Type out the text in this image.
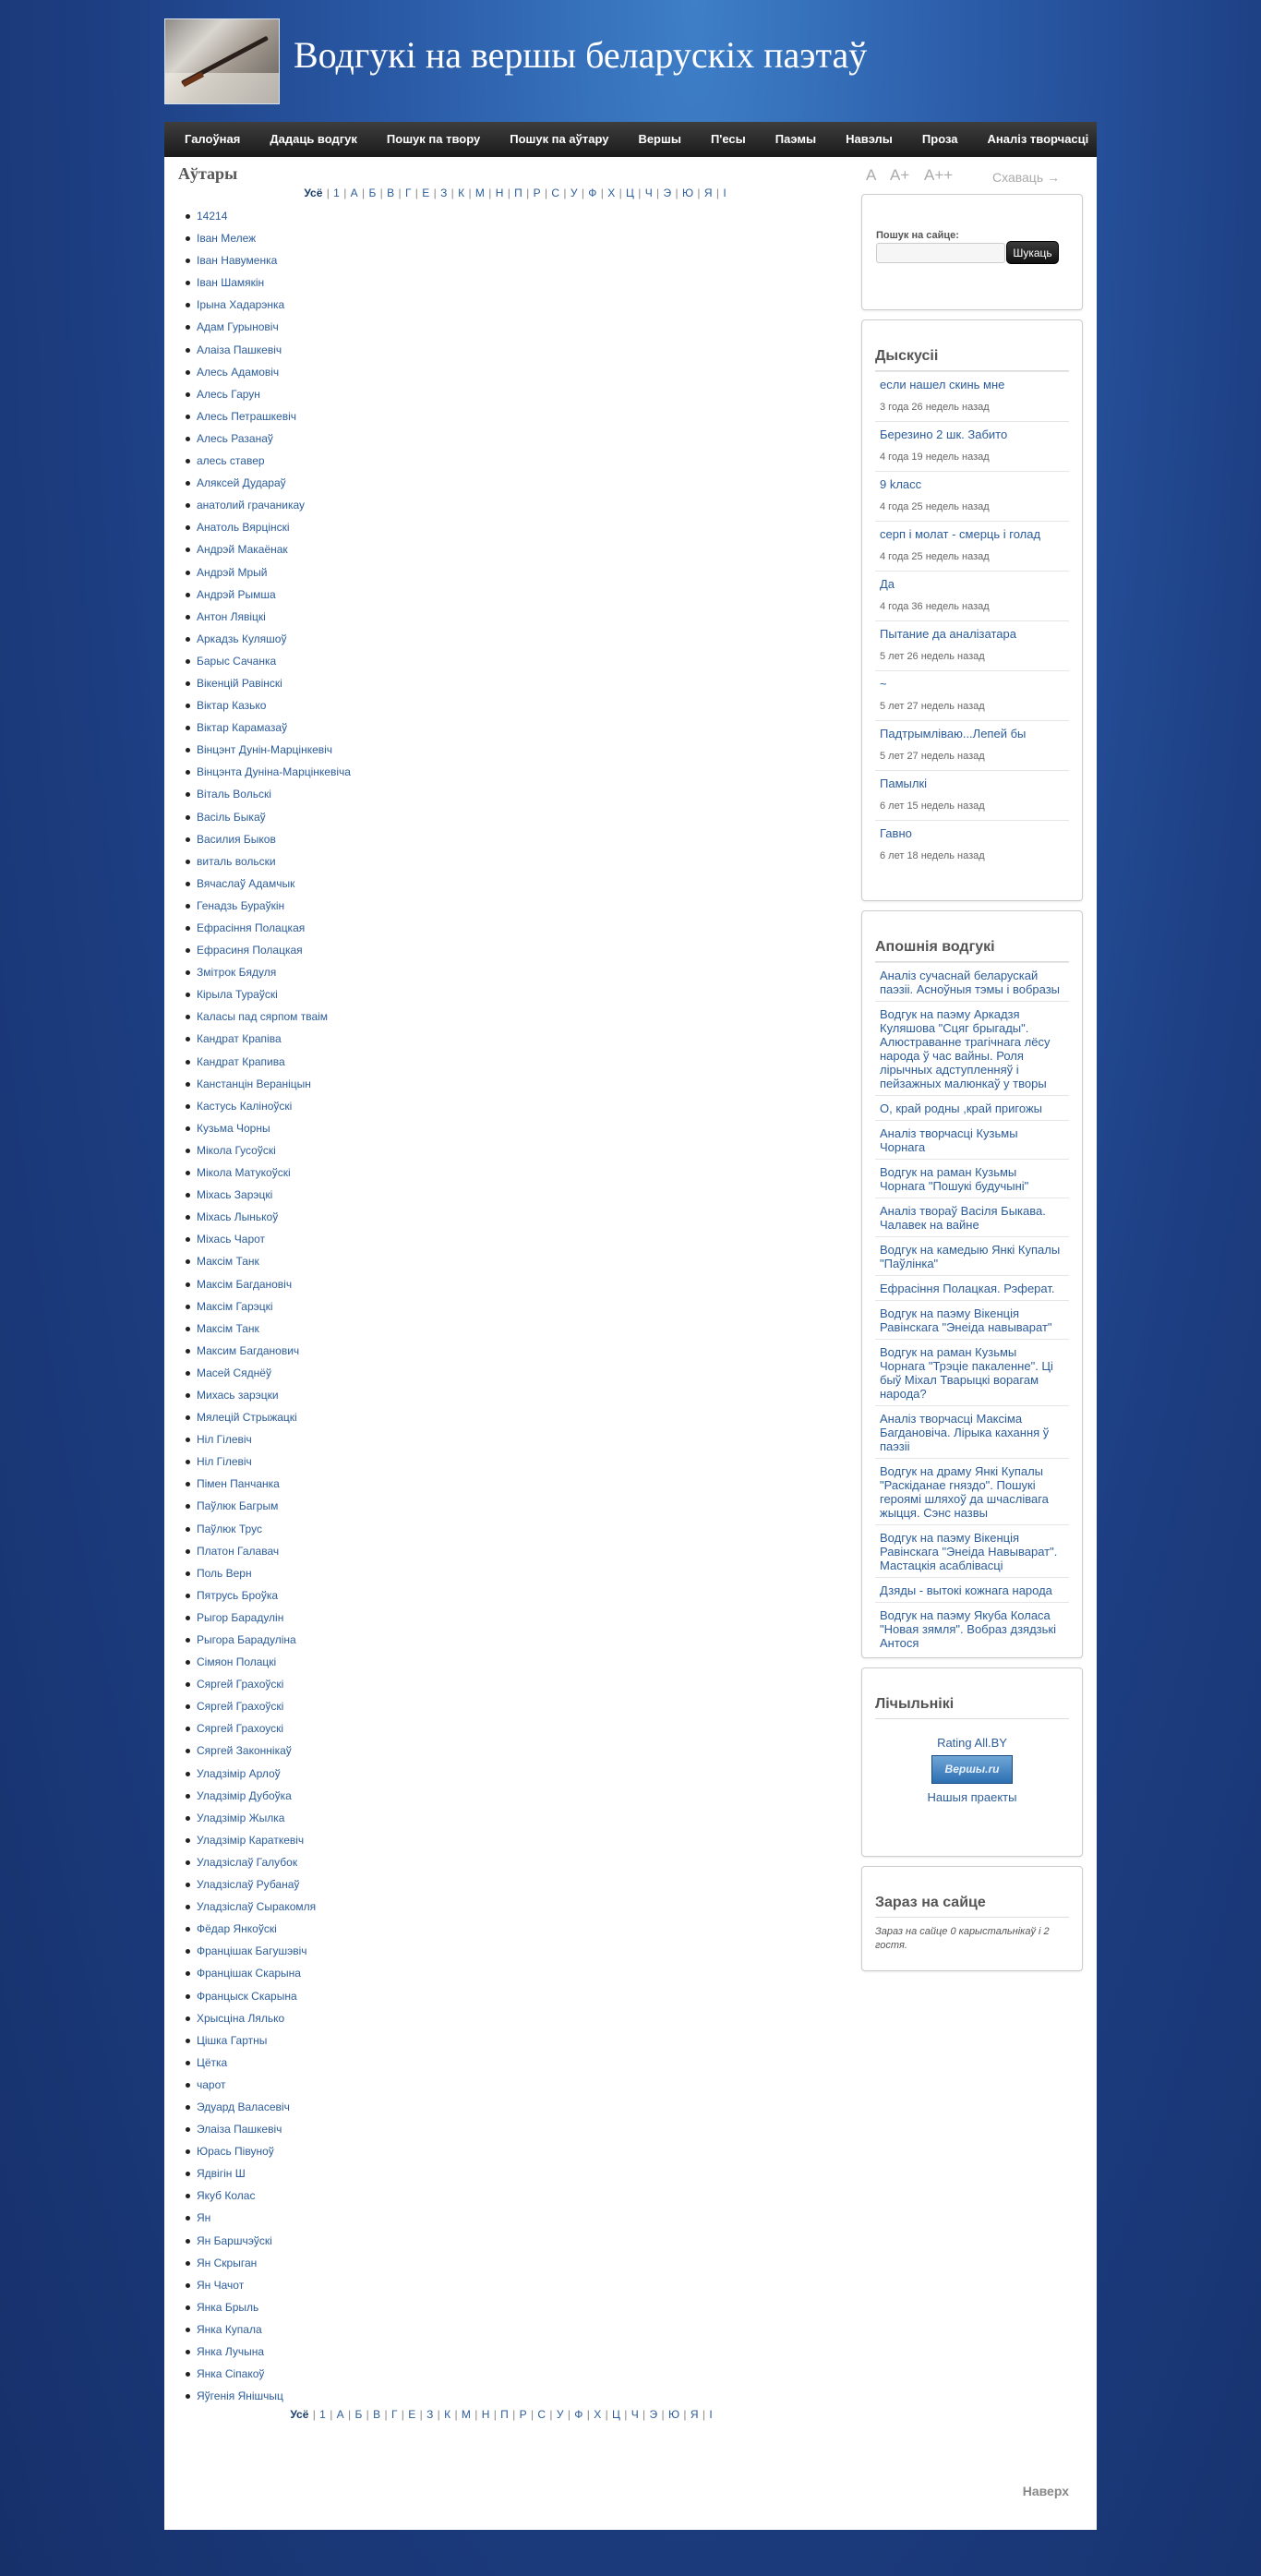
Водгукі на вершы беларускіх паэтаў
Галоўная	Дадаць водгук	Пошук па твору	Пошук па аўтару	Вершы	П'есы	Паэмы	Навэлы	Проза	Аналіз творчасці
Аўтары
Усё | 1 | А | Б | В | Г | Е | З | К | М | Н | П | Р | С | У | Ф | Х | Ц | Ч | Э | Ю | Я | І
14214
Іван Мележ
Іван Навуменка
Іван Шамякін
Ірына Хадарэнка
Адам Гурыновіч
Алаіза Пашкевіч
Алесь Адамовіч
Алесь Гарун
Алесь Петрашкевіч
Алесь Разанаў
алесь ставер
Аляксей Дударaў
анатолий грачаникау
Анатоль Вярцінскі
Андрэй Макаёнак
Андрэй Мрый
Андрэй Рымша
Антон Лявіцкі
Аркадзь Куляшоў
Барыс Сачанка
Вікенцій Равінскі
Віктар Казько
Віктар Карамазаў
Вінцэнт Дунін-Марцінкевіч
Вінцэнта Дуніна-Марцінкевіча
Віталь Вольскі
Васіль Быкаў
Василия Быков
виталь вольски
Вячаслаў Адамчык
Генадзь Бураўкін
Ефрасіння Полацкая
Ефрасиня Полацкая
Змітрок Бядуля
Кірыла Тураўскі
Каласы пад сярпом тваім
Кандрат Крапіва
Кандрат Крапива
Канстанцін Вераніцын
Кастусь Каліноўскі
Кузьма Чорны
Мікола Гусоўскі
Мікола Матукоўскі
Міхась Зарэцкі
Міхась Лынькоў
Міхась Чарот
Максім Танк
Максім Багдановіч
Максім Гарэцкі
Максім Танк
Максим Багданович
Масей Сяднёў
Михась зарэцки
Мялецій Стрыжацкі
Ніл Гілевіч
Нiл Гiлевiч
Пімен Панчанка
Паўлюк Багрым
Паўлюк Трус
Платон Галавач
Поль Верн
Пятрусь Броўка
Рыгор Барадулін
Рыгора Барадуліна
Сімяон Полацкі
Сяргей Грахоўскі
Сяргей Грахоўскi
Сяргей Грахоускі
Сяргей Законнікаў
Уладзімір Арлоў
Уладзімір Дубоўка
Уладзімір Жылка
Уладзімір Караткевіч
Уладзіслаў Галубок
Уладзіслаў Рубанаў
Уладзіслаў Сыракомля
Фёдар Янкоўскі
Францішак Багушэвіч
Францішак Скарына
Францыск Скарына
Хрысціна Лялько
Цішка Гартны
Цётка
чарот
Эдуард Валасевіч
Элаіза Пашкевіч
Юрась Пiвуноў
Ядвігін Ш
Якуб Колас
Ян
Ян Баршчэўскі
Ян Скрыган
Ян Чачот
Янка Брыль
Янка Купала
Янка Лучына
Янка Сіпакоў
Яўгенія Янішчыц
Усё | 1 | А | Б | В | Г | Е | З | К | М | Н | П | Р | С | У | Ф | Х | Ц | Ч | Э | Ю | Я | І
Наверх
A A+ A++	Схаваць →
Пошук на сайце:
Шукаць
Дыскусіі
если нашел скинь мне
3 года 26 недель назад
Березино 2 шк. Забито
4 года 19 недель назад
9 kласс
4 года 25 недель назад
серп і молат - смерць і голад
4 года 25 недель назад
Да
4 года 36 недель назад
Пытание да аналізатара
5 лет 26 недель назад
~
5 лет 27 недель назад
Падтрымліваю...Лепей бы
5 лет 27 недель назад
Памылкі
6 лет 15 недель назад
Гавно
6 лет 18 недель назад
Апошнія водгукі
Аналіз сучаснай беларускай паэзіі. Асноўныя тэмы і вобразы
Водгук на паэму Аркадзя Куляшова "Сцяг брыгады". Алюстраванне трагічнага лёсу народа ў час вайны. Роля лірычных адступленняў і пейзажных малюнкаў у творы
О, край родны ,край пригожы
Аналіз творчасці Кузьмы Чорнага
Водгук на раман Кузьмы Чорнага "Пошукі будучыні"
Аналіз твораў Васіля Быкава. Чалавек на вайне
Водгук на камедыю Янкі Купалы "Паўлінка"
Ефрасіння Полацкая. Рэферат.
Водгук на паэму Вікенція Равінскага "Энеіда навыварат"
Водгук на раман Кузьмы Чорнага "Трэціе пакаленне". Ці быў Міхал Тварыцкі ворагам народа?
Аналіз творчасці Максіма Багдановіча. Лірыка кахання ў паэзіі
Водгук на драму Янкі Купалы "Раскіданае гняздо". Пошукі героямі шляхоў да шчаслівага жыцця. Сэнс назвы
Водгук на паэму Вікенція Равінскага "Энеіда Навыварат". Мастацкія асаблівасці
Дзяды - вытокі кожнага народа
Водгук на паэму Якуба Коласа "Новая зямля". Вобраз дзядзькі Антося
Лічыльнікі
Rating All.BY
Вершы.ru
Нашыя праекты
Зараз на сайце
Зараз на сайце 0 карыстальнікаў і 2 гостя.
